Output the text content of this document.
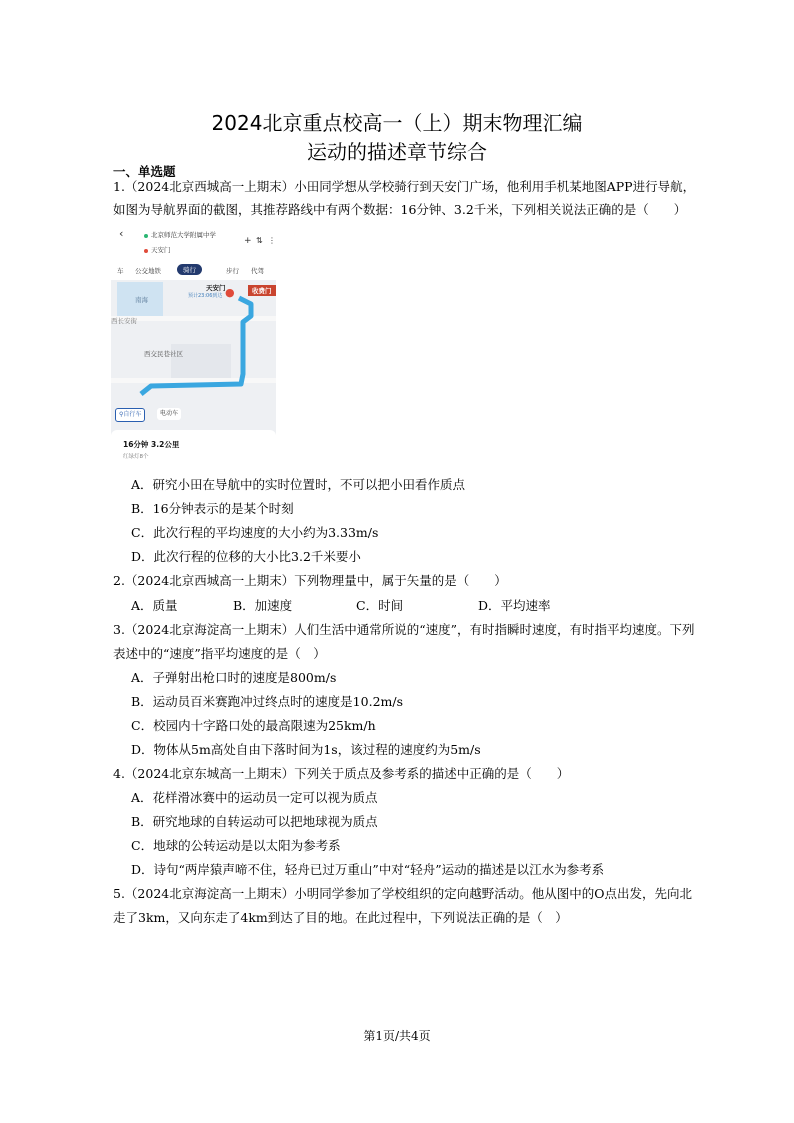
2024北京重点校高一（上）期末物理汇编
运动的描述章节综合
一、单选题
1.（2024北京西城高一上期末）小田同学想从学校骑行到天安门广场，他利用手机某地图APP进行导航，
如图为导航界面的截图，其推荐路线中有两个数据：16分钟、3.2千米，下列相关说法正确的是（　　）
‹	北京师范大学附属中学
天安门
+ ⇅ ⋮
车 公交地铁	骑行	步行 代驾
南海
西长安街
西交民巷社区
●
天安门
预计23:06到达
收费门
⚲自行车	电动车
16分钟 3.2公里
红绿灯8个
A．研究小田在导航中的实时位置时，不可以把小田看作质点
B．16分钟表示的是某个时刻
C．此次行程的平均速度的大小约为3.33m/s
D．此次行程的位移的大小比3.2千米要小
2.（2024北京西城高一上期末）下列物理量中，属于矢量的是（　　）
A．质量	B．加速度	C．时间	D．平均速率
3.（2024北京海淀高一上期末）人们生活中通常所说的“速度”，有时指瞬时速度，有时指平均速度。下列
表述中的“速度”指平均速度的是（　）
A．子弹射出枪口时的速度是800m/s
B．运动员百米赛跑冲过终点时的速度是10.2m/s
C．校园内十字路口处的最高限速为25km/h
D．物体从5m高处自由下落时间为1s，该过程的速度约为5m/s
4.（2024北京东城高一上期末）下列关于质点及参考系的描述中正确的是（　　）
A．花样滑冰赛中的运动员一定可以视为质点
B．研究地球的自转运动可以把地球视为质点
C．地球的公转运动是以太阳为参考系
D．诗句“两岸猿声啼不住，轻舟已过万重山”中对“轻舟”运动的描述是以江水为参考系
5.（2024北京海淀高一上期末）小明同学参加了学校组织的定向越野活动。他从图中的O点出发，先向北
走了3km，又向东走了4km到达了目的地。在此过程中，下列说法正确的是（　）
第1页/共4页
